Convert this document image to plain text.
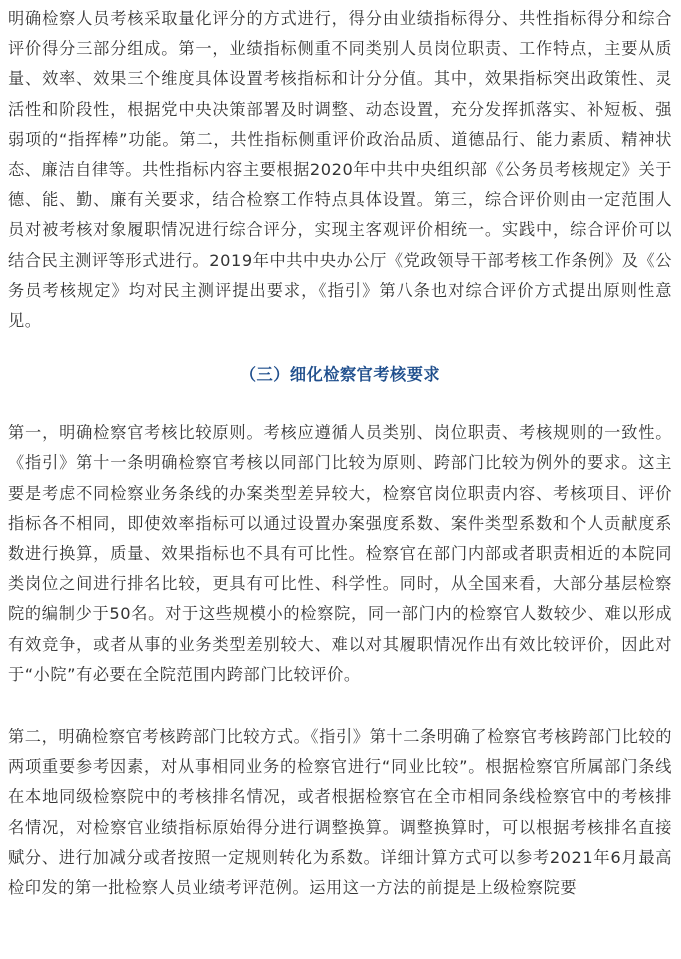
明确检察人员考核采取量化评分的方式进行，得分由业绩指标得分、共性指标得分和综合评价得分三部分组成。第一，业绩指标侧重不同类别人员岗位职责、工作特点，主要从质量、效率、效果三个维度具体设置考核指标和计分分值。其中，效果指标突出政策性、灵活性和阶段性，根据党中央决策部署及时调整、动态设置，充分发挥抓落实、补短板、强弱项的“指挥棒”功能。第二，共性指标侧重评价政治品质、道德品行、能力素质、精神状态、廉洁自律等。共性指标内容主要根据2020年中共中央组织部《公务员考核规定》关于德、能、勤、廉有关要求，结合检察工作特点具体设置。第三，综合评价则由一定范围人员对被考核对象履职情况进行综合评分，实现主客观评价相统一。实践中，综合评价可以结合民主测评等形式进行。2019年中共中央办公厅《党政领导干部考核工作条例》及《公务员考核规定》均对民主测评提出要求，《指引》第八条也对综合评价方式提出原则性意见。

（三）细化检察官考核要求

第一，明确检察官考核比较原则。考核应遵循人员类别、岗位职责、考核规则的一致性。《指引》第十一条明确检察官考核以同部门比较为原则、跨部门比较为例外的要求。这主要是考虑不同检察业务条线的办案类型差异较大，检察官岗位职责内容、考核项目、评价指标各不相同，即使效率指标可以通过设置办案强度系数、案件类型系数和个人贡献度系数进行换算，质量、效果指标也不具有可比性。检察官在部门内部或者职责相近的本院同类岗位之间进行排名比较，更具有可比性、科学性。同时，从全国来看，大部分基层检察院的编制少于50名。对于这些规模小的检察院，同一部门内的检察官人数较少、难以形成有效竞争，或者从事的业务类型差别较大、难以对其履职情况作出有效比较评价，因此对于“小院”有必要在全院范围内跨部门比较评价。

第二，明确检察官考核跨部门比较方式。《指引》第十二条明确了检察官考核跨部门比较的两项重要参考因素，对从事相同业务的检察官进行“同业比较”。根据检察官所属部门条线在本地同级检察院中的考核排名情况，或者根据检察官在全市相同条线检察官中的考核排名情况，对检察官业绩指标原始得分进行调整换算。调整换算时，可以根据考核排名直接赋分、进行加减分或者按照一定规则转化为系数。详细计算方式可以参考2021年6月最高检印发的第一批检察人员业绩考评范例。运用这一方法的前提是上级检察院要
